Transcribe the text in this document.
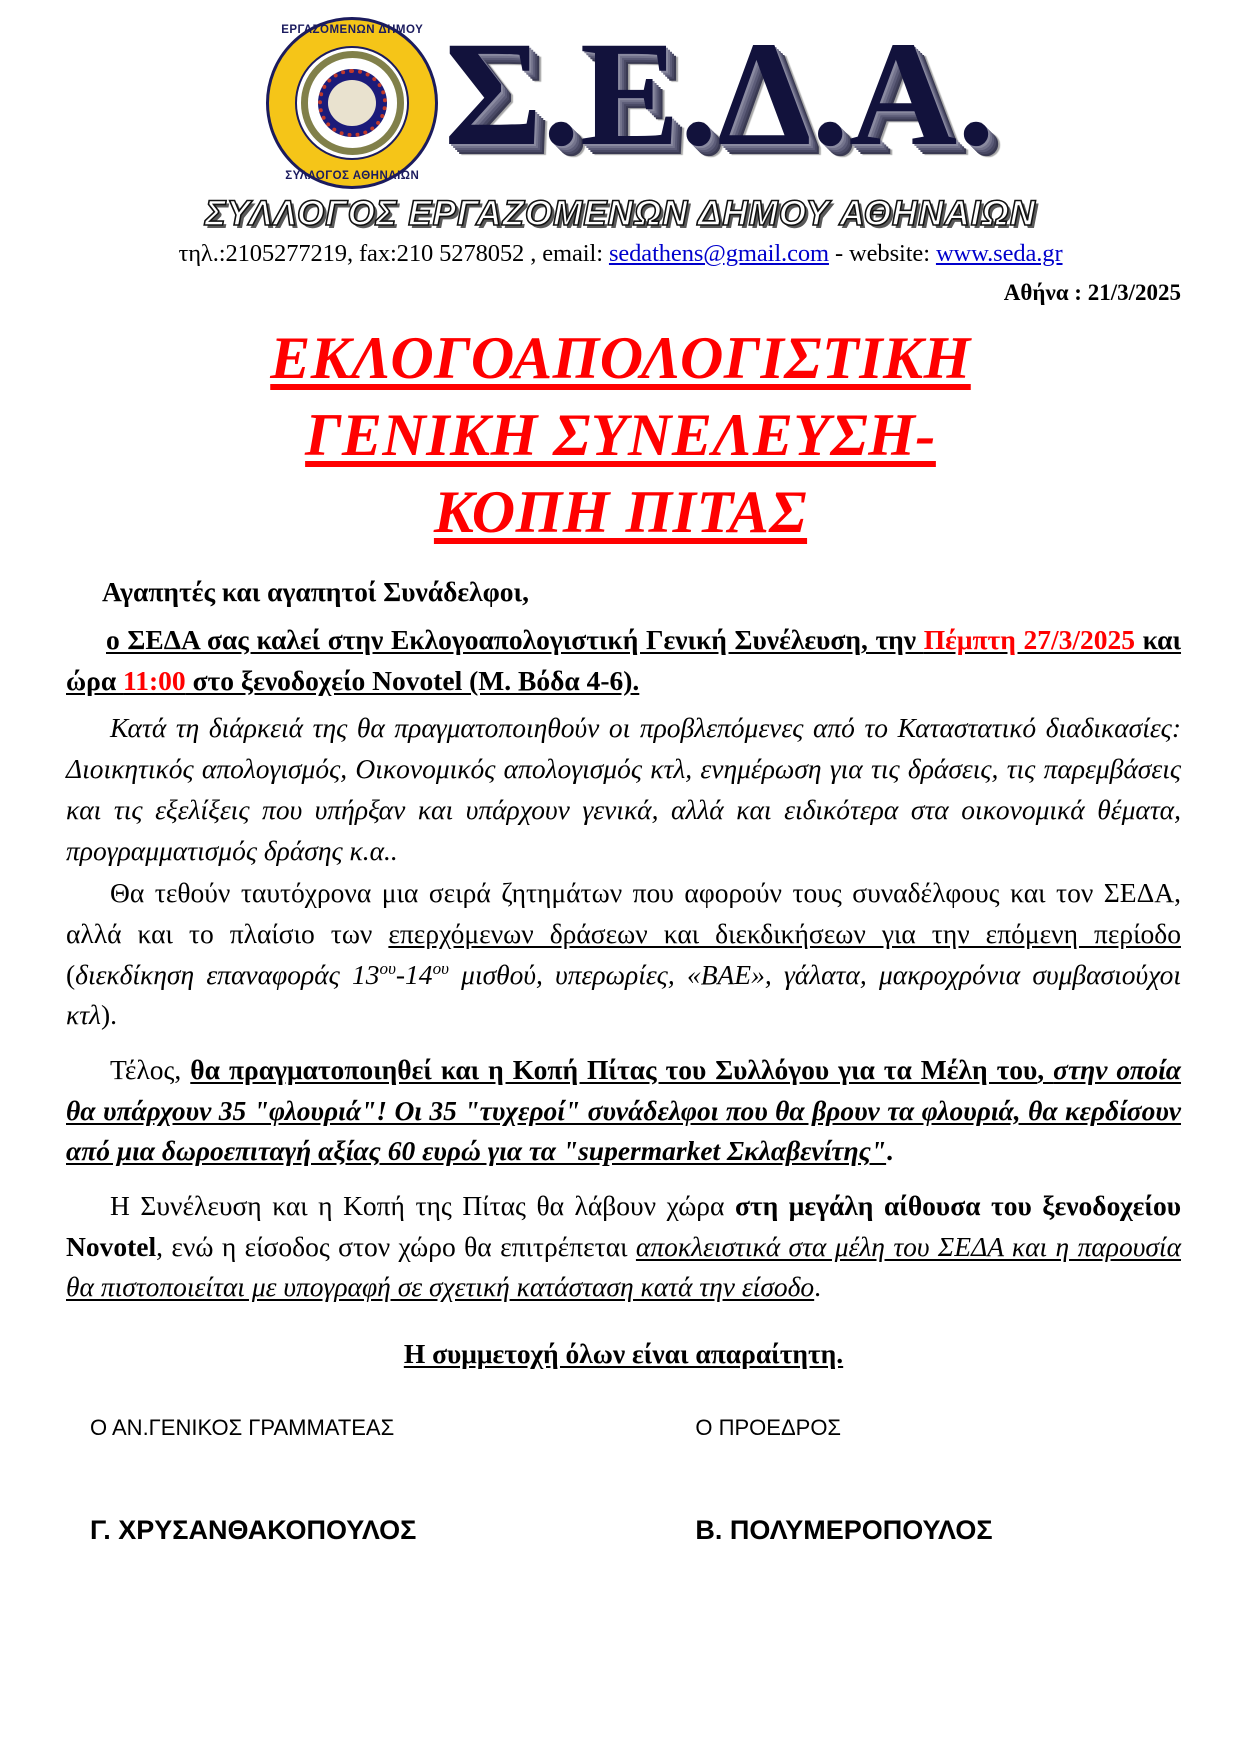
ΕΡΓΑΖΟΜΕΝΩΝ ΔΗΜΟΥ
ΣΥΛΛΟΓΟΣ ΑΘΗΝΑΙΩΝ Σ.Ε.Δ.Α.
ΣΥΛΛΟΓΟΣ ΕΡΓΑΖΟΜΕΝΩΝ ΔΗΜΟΥ ΑΘΗΝΑΙΩΝ
τηλ.:2105277219, fax:210 5278052 , email: sedathens@gmail.com - website: www.seda.gr
Αθήνα : 21/3/2025
ΕΚΛΟΓΟΑΠΟΛΟΓΙΣΤΙΚΗ
ΓΕΝΙΚΗ ΣΥΝΕΛΕΥΣΗ-
ΚΟΠΗ ΠΙΤΑΣ

Αγαπητές και αγαπητοί Συνάδελφοι,

ο ΣΕΔΑ σας καλεί στην Εκλογοαπολογιστική Γενική Συνέλευση, την Πέμπτη 27/3/2025 και ώρα 11:00 στο ξενοδοχείο Novotel (Μ. Βόδα 4-6).

Κατά τη διάρκειά της θα πραγματοποιηθούν οι προβλεπόμενες από το Καταστατικό διαδικασίες: Διοικητικός απολογισμός, Οικονομικός απολογισμός κτλ, ενημέρωση για τις δράσεις, τις παρεμβάσεις και τις εξελίξεις που υπήρξαν και υπάρχουν γενικά, αλλά και ειδικότερα στα οικονομικά θέματα, προγραμματισμός δράσης κ.α..

Θα τεθούν ταυτόχρονα μια σειρά ζητημάτων που αφορούν τους συναδέλφους και τον ΣΕΔΑ, αλλά και το πλαίσιο των επερχόμενων δράσεων και διεκδικήσεων για την επόμενη περίοδο (διεκδίκηση επαναφοράς $13^{o\upsilon}-14^{o\upsilon}$ μισθού, υπερωρίες, «ΒΑΕ», γάλατα, μακροχρόνια συμβασιούχοι κτλ).

Τέλος, θα πραγματοποιηθεί και η Κοπή Πίτας του Συλλόγου για τα Μέλη του, στην οποία θα υπάρχουν 35 "φλουριά"! Οι 35 "τυχεροί" συνάδελφοι που θα βρουν τα φλουριά, θα κερδίσουν από μια δωροεπιταγή αξίας 60 ευρώ για τα "supermarket Σκλαβενίτης".

Η Συνέλευση και η Κοπή της Πίτας θα λάβουν χώρα στη μεγάλη αίθουσα του ξενοδοχείου Novotel, ενώ η είσοδος στον χώρο θα επιτρέπεται αποκλειστικά στα μέλη του ΣΕΔΑ και η παρουσία θα πιστοποιείται με υπογραφή σε σχετική κατάσταση κατά την είσοδο.

Η συμμετοχή όλων είναι απαραίτητη.

Ο ΑΝ.ΓΕΝΙΚΟΣ ΓΡΑΜΜΑΤΕΑΣ	Ο ΠΡΟΕΔΡΟΣ
Γ. ΧΡΥΣΑΝΘΑΚΟΠΟΥΛΟΣ	Β. ΠΟΛΥΜΕΡΟΠΟΥΛΟΣ
